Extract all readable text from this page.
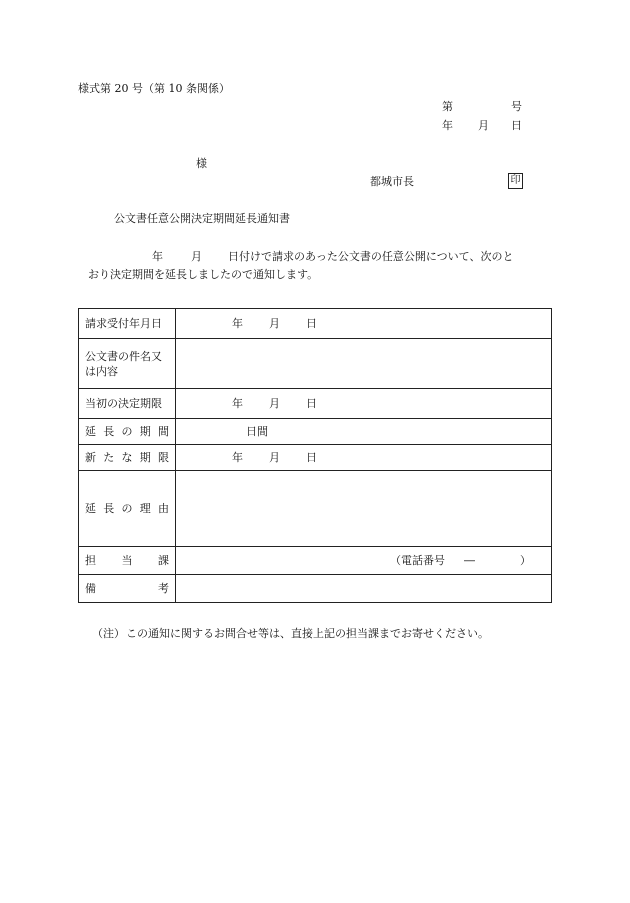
様式第 20 号（第 10 条関係）
第	号
年 月 日
様
都城市長	印
公文書任意公開決定期間延長通知書
年	月 日付けで請求のあった公文書の任意公開について、次のと
おり決定期間を延長しましたので通知します。
請求受付年月日	年 月 日

公文書の件名又
は内容	

当初の決定期限	年 月 日

延 長 の 期 間	日間

新 た な 期 限	年 月 日

延 長 の 理 由	

担 当 課	（電話番号 ― ）

備 考	

（注） この通知に関するお問合せ等は、直接上記の担当課までお寄せください。
